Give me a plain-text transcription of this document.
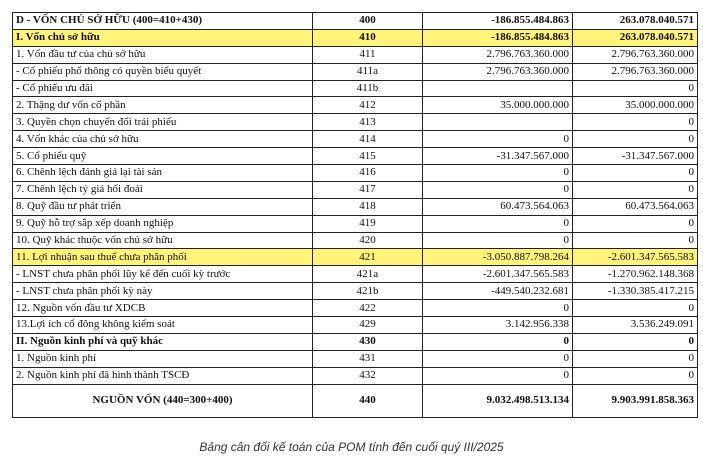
D - VỐN CHỦ SỞ HỮU (400=410+430)	400	-186.855.484.863	263.078.040.571
I. Vốn chủ sở hữu	410	-186.855.484.863	263.078.040.571
1. Vốn đầu tư của chủ sở hữu	411	2.796.763.360.000	2.796.763.360.000
- Cổ phiếu phổ thông có quyền biểu quyết	411a	2.796.763.360.000	2.796.763.360.000
- Cổ phiếu ưu đãi	411b		0
2. Thặng dư vốn cổ phần	412	35.000.000.000	35.000.000.000
3. Quyền chọn chuyển đổi trái phiếu	413		0
4. Vốn khác của chủ sở hữu	414	0	0
5. Cổ phiếu quỹ	415	-31.347.567.000	-31.347.567.000
6. Chênh lệch đánh giá lại tài sản	416	0	0
7. Chênh lệch tỷ giá hối đoái	417	0	0
8. Quỹ đầu tư phát triển	418	60.473.564.063	60.473.564.063
9. Quỹ hỗ trợ sắp xếp doanh nghiệp	419	0	0
10. Quỹ khác thuộc vốn chủ sở hữu	420	0	0
11. Lợi nhuận sau thuế chưa phân phối	421	-3.050.887.798.264	-2.601.347.565.583
- LNST chưa phân phối lũy kế đến cuối kỳ trước	421a	-2.601.347.565.583	-1.270.962.148.368
- LNST chưa phân phối kỳ này	421b	-449.540.232.681	-1.330.385.417.215
12. Nguồn vốn đầu tư XDCB	422	0	0
13.Lợi ích cổ đông không kiểm soát	429	3.142.956.338	3.536.249.091
II. Nguồn kinh phí và quỹ khác	430	0	0
1. Nguồn kinh phí	431	0	0
2. Nguồn kinh phí đã hình thành TSCĐ	432	0	0
NGUỒN VỐN (440=300+400)	440	9.032.498.513.134	9.903.991.858.363
Bảng cân đối kế toán của POM tính đến cuối quý III/2025
